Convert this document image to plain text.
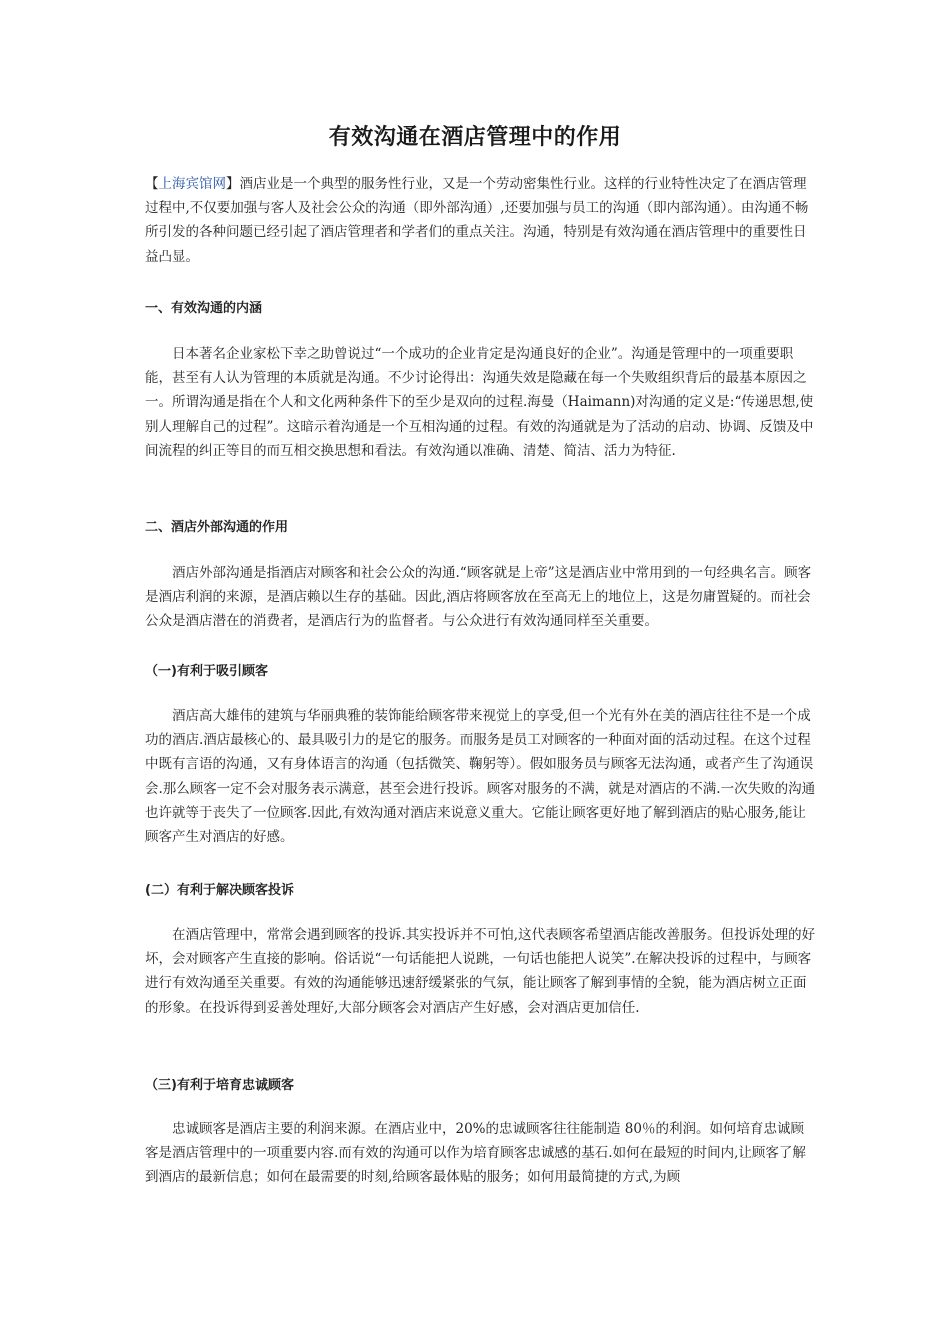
有效沟通在酒店管理中的作用

【上海宾馆网】酒店业是一个典型的服务性行业，又是一个劳动密集性行业。这样的行业特性决定了在酒店管理过程中,不仅要加强与客人及社会公众的沟通（即外部沟通）,还要加强与员工的沟通（即内部沟通）。由沟通不畅所引发的各种问题已经引起了酒店管理者和学者们的重点关注。沟通，特别是有效沟通在酒店管理中的重要性日益凸显。

一、有效沟通的内涵

日本著名企业家松下幸之助曾说过“一个成功的企业肯定是沟通良好的企业”。沟通是管理中的一项重要职能，甚至有人认为管理的本质就是沟通。不少讨论得出：沟通失效是隐藏在每一个失败组织背后的最基本原因之一。所谓沟通是指在个人和文化两种条件下的至少是双向的过程.海曼（Haimann)对沟通的定义是:“传递思想,使别人理解自己的过程”。这暗示着沟通是一个互相沟通的过程。有效的沟通就是为了活动的启动、协调、反馈及中间流程的纠正等目的而互相交换思想和看法。有效沟通以准确、清楚、简洁、活力为特征.

二、酒店外部沟通的作用

酒店外部沟通是指酒店对顾客和社会公众的沟通.“顾客就是上帝”这是酒店业中常用到的一句经典名言。顾客是酒店利润的来源，是酒店赖以生存的基础。因此,酒店将顾客放在至高无上的地位上，这是勿庸置疑的。而社会公众是酒店潜在的消费者，是酒店行为的监督者。与公众进行有效沟通同样至关重要。

（一)有利于吸引顾客

酒店高大雄伟的建筑与华丽典雅的装饰能给顾客带来视觉上的享受,但一个光有外在美的酒店往往不是一个成功的酒店.酒店最核心的、最具吸引力的是它的服务。而服务是员工对顾客的一种面对面的活动过程。在这个过程中既有言语的沟通，又有身体语言的沟通（包括微笑、鞠躬等）。假如服务员与顾客无法沟通，或者产生了沟通误会.那么顾客一定不会对服务表示满意，甚至会进行投诉。顾客对服务的不满，就是对酒店的不满.一次失败的沟通也许就等于丧失了一位顾客.因此,有效沟通对酒店来说意义重大。它能让顾客更好地了解到酒店的贴心服务,能让顾客产生对酒店的好感。

(二）有利于解决顾客投诉

在酒店管理中，常常会遇到顾客的投诉.其实投诉并不可怕,这代表顾客希望酒店能改善服务。但投诉处理的好坏，会对顾客产生直接的影响。俗话说“一句话能把人说跳，一句话也能把人说笑”.在解决投诉的过程中，与顾客进行有效沟通至关重要。有效的沟通能够迅速舒缓紧张的气氛，能让顾客了解到事情的全貌，能为酒店树立正面的形象。在投诉得到妥善处理好,大部分顾客会对酒店产生好感，会对酒店更加信任.

（三)有利于培育忠诚顾客

忠诚顾客是酒店主要的利润来源。在酒店业中，20%的忠诚顾客往往能制造 80％的利润。如何培育忠诚顾客是酒店管理中的一项重要内容.而有效的沟通可以作为培育顾客忠诚感的基石.如何在最短的时间内,让顾客了解到酒店的最新信息；如何在最需要的时刻,给顾客最体贴的服务；如何用最简捷的方式,为顾
